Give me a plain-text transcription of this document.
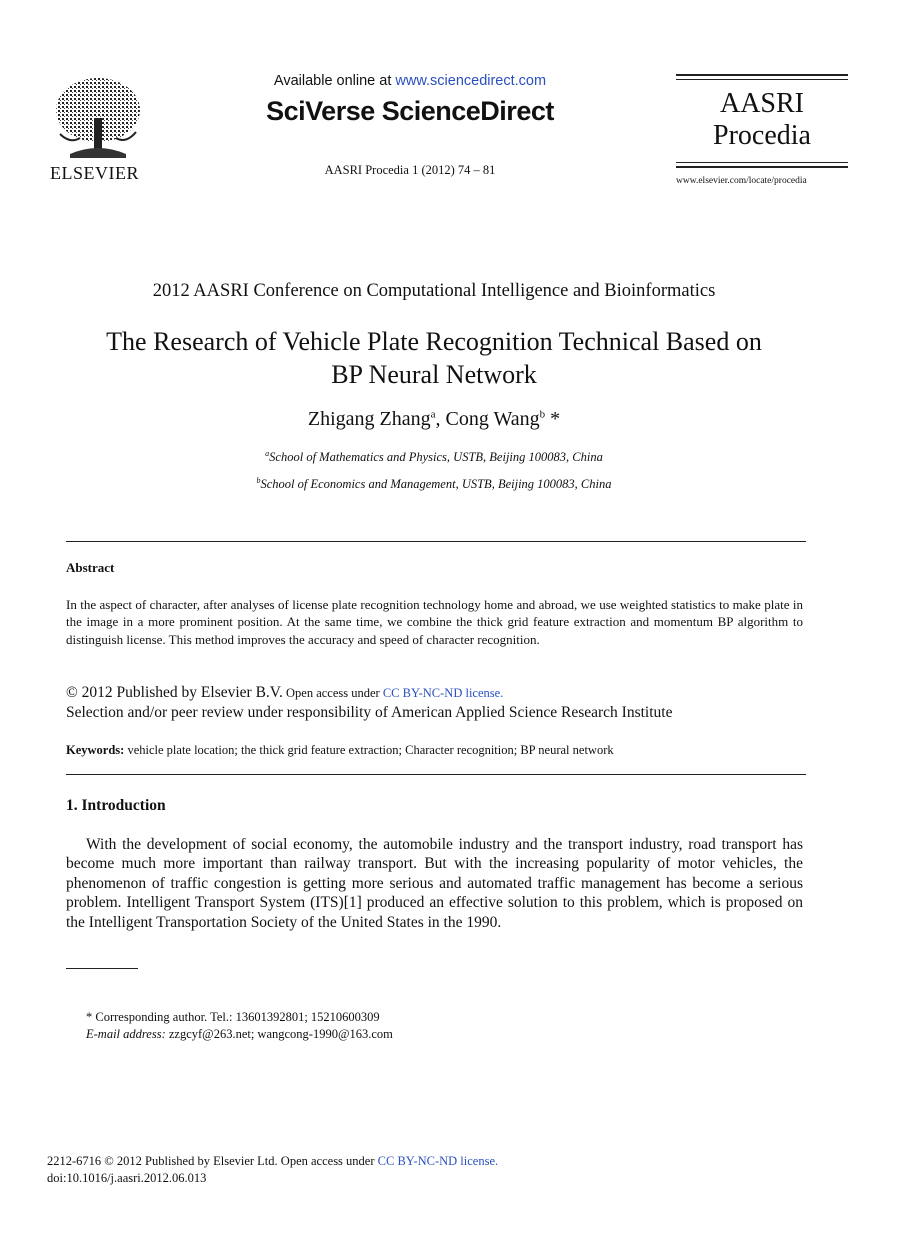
ELSEVIER
Available online at www.sciencedirect.com
SciVerse ScienceDirect
AASRI Procedia 1 (2012) 74 – 81
AASRI
Procedia
www.elsevier.com/locate/procedia
2012 AASRI Conference on Computational Intelligence and Bioinformatics
The Research of Vehicle Plate Recognition Technical Based on
BP Neural Network
Zhigang Zhang$^a$, Cong Wang$^b$ *
$^a$School of Mathematics and Physics, USTB, Beijing 100083, China
$^b$School of Economics and Management, USTB, Beijing 100083, China
Abstract
In the aspect of character, after analyses of license plate recognition technology home and abroad, we use weighted statistics to make plate in the image in a more prominent position. At the same time, we combine the thick grid feature extraction and momentum BP algorithm to distinguish license. This method improves the accuracy and speed of character recognition.
© 2012 Published by Elsevier B.V. Open access under CC BY-NC-ND license.
Selection and/or peer review under responsibility of American Applied Science Research Institute
Keywords: vehicle plate location; the thick grid feature extraction; Character recognition; BP neural network
1. Introduction
With the development of social economy, the automobile industry and the transport industry, road transport has become much more important than railway transport. But with the increasing popularity of motor vehicles, the phenomenon of traffic congestion is getting more serious and automated traffic management has become a serious problem. Intelligent Transport System (ITS)[1] produced an effective solution to this problem, which is proposed on the Intelligent Transportation Society of the United States in the 1990.
* Corresponding author. Tel.: 13601392801; 15210600309
E-mail address: zzgcyf@263.net; wangcong-1990@163.com
2212-6716 © 2012 Published by Elsevier Ltd. Open access under CC BY-NC-ND license.
doi:10.1016/j.aasri.2012.06.013
